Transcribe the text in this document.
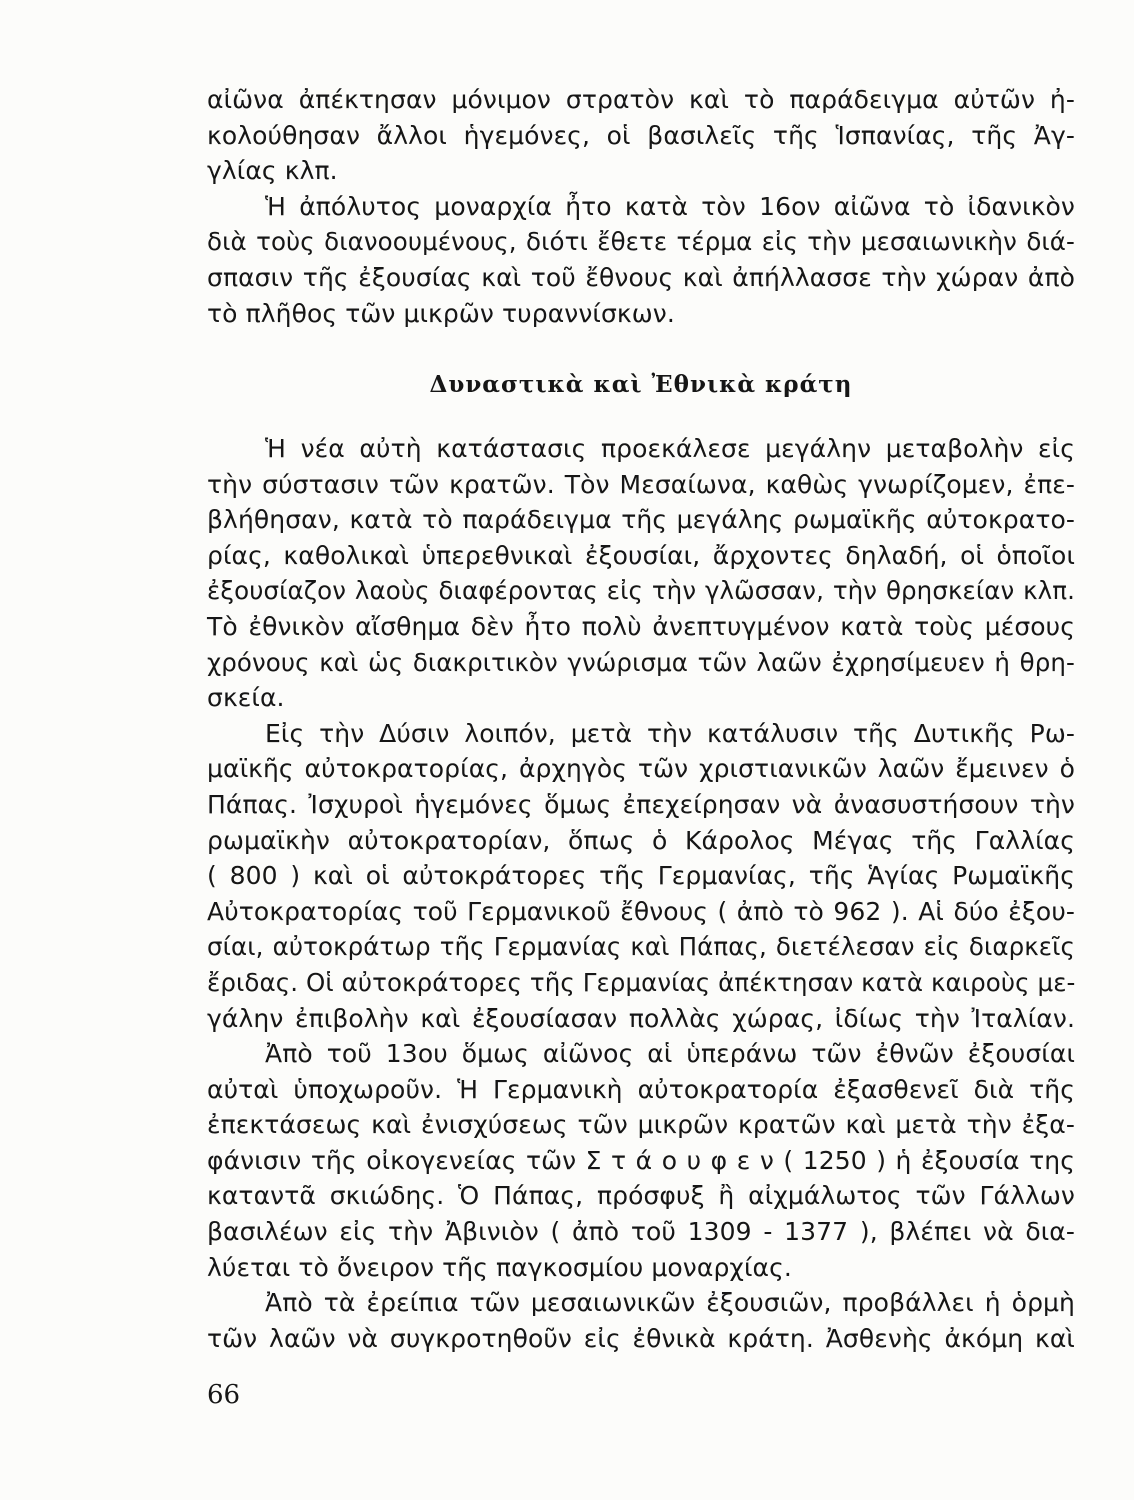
αἰῶνα ἀπέκτησαν μόνιμον στρατὸν καὶ τὸ παράδειγμα αὐτῶν ἠ-
κολούθησαν ἄλλοι ἡγεμόνες, οἱ βασιλεῖς τῆς Ἱσπανίας, τῆς Ἀγ-
γλίας κλπ.
Ἡ ἀπόλυτος μοναρχία ἦτο κατὰ τὸν 16ον αἰῶνα τὸ ἰδανικὸν
διὰ τοὺς διανοουμένους, διότι ἔθετε τέρμα εἰς τὴν μεσαιωνικὴν διά-
σπασιν τῆς ἐξουσίας καὶ τοῦ ἔθνους καὶ ἀπήλλασσε τὴν χώραν ἀπὸ
τὸ πλῆθος τῶν μικρῶν τυραννίσκων.
Δυναστικὰ καὶ Ἐθνικὰ κράτη
Ἡ νέα αὐτὴ κατάστασις προεκάλεσε μεγάλην μεταβολὴν εἰς
τὴν σύστασιν τῶν κρατῶν. Τὸν Μεσαίωνα, καθὼς γνωρίζομεν, ἐπε-
βλήθησαν, κατὰ τὸ παράδειγμα τῆς μεγάλης ρωμαϊκῆς αὐτοκρατο-
ρίας, καθολικαὶ ὑπερεθνικαὶ ἐξουσίαι, ἄρχοντες δηλαδή, οἱ ὁποῖοι
ἐξουσίαζον λαοὺς διαφέροντας εἰς τὴν γλῶσσαν, τὴν θρησκείαν κλπ.
Τὸ ἐθνικὸν αἴσθημα δὲν ἦτο πολὺ ἀνεπτυγμένον κατὰ τοὺς μέσους
χρόνους καὶ ὡς διακριτικὸν γνώρισμα τῶν λαῶν ἐχρησίμευεν ἡ θρη-
σκεία.
Εἰς τὴν Δύσιν λοιπόν, μετὰ τὴν κατάλυσιν τῆς Δυτικῆς Ρω-
μαϊκῆς αὐτοκρατορίας, ἀρχηγὸς τῶν χριστιανικῶν λαῶν ἔμεινεν ὁ
Πάπας. Ἰσχυροὶ ἡγεμόνες ὅμως ἐπεχείρησαν νὰ ἀνασυστήσουν τὴν
ρωμαϊκὴν αὐτοκρατορίαν, ὅπως ὁ Κάρολος Μέγας τῆς Γαλλίας
( 800 ) καὶ οἱ αὐτοκράτορες τῆς Γερμανίας, τῆς Ἁγίας Ρωμαϊκῆς
Αὐτοκρατορίας τοῦ Γερμανικοῦ ἔθνους ( ἀπὸ τὸ 962 ). Αἱ δύο ἐξου-
σίαι, αὐτοκράτωρ τῆς Γερμανίας καὶ Πάπας, διετέλεσαν εἰς διαρκεῖς
ἔριδας. Οἱ αὐτοκράτορες τῆς Γερμανίας ἀπέκτησαν κατὰ καιροὺς με-
γάλην ἐπιβολὴν καὶ ἐξουσίασαν πολλὰς χώρας, ἰδίως τὴν Ἰταλίαν.
Ἀπὸ τοῦ 13ου ὅμως αἰῶνος αἱ ὑπεράνω τῶν ἐθνῶν ἐξουσίαι
αὐταὶ ὑποχωροῦν. Ἡ Γερμανικὴ αὐτοκρατορία ἐξασθενεῖ διὰ τῆς
ἐπεκτάσεως καὶ ἐνισχύσεως τῶν μικρῶν κρατῶν καὶ μετὰ τὴν ἐξα-
φάνισιν τῆς οἰκογενείας τῶν Σ τ ά ο υ φ ε ν ( 1250 ) ἡ ἐξουσία της
καταντᾶ σκιώδης. Ὁ Πάπας, πρόσφυξ ἢ αἰχμάλωτος τῶν Γάλλων
βασιλέων εἰς τὴν Ἀβινιὸν ( ἀπὸ τοῦ 1309 - 1377 ), βλέπει νὰ δια-
λύεται τὸ ὄνειρον τῆς παγκοσμίου μοναρχίας.
Ἀπὸ τὰ ἐρείπια τῶν μεσαιωνικῶν ἐξουσιῶν, προβάλλει ἡ ὁρμὴ
τῶν λαῶν νὰ συγκροτηθοῦν εἰς ἐθνικὰ κράτη. Ἀσθενὴς ἀκόμη καὶ
66
